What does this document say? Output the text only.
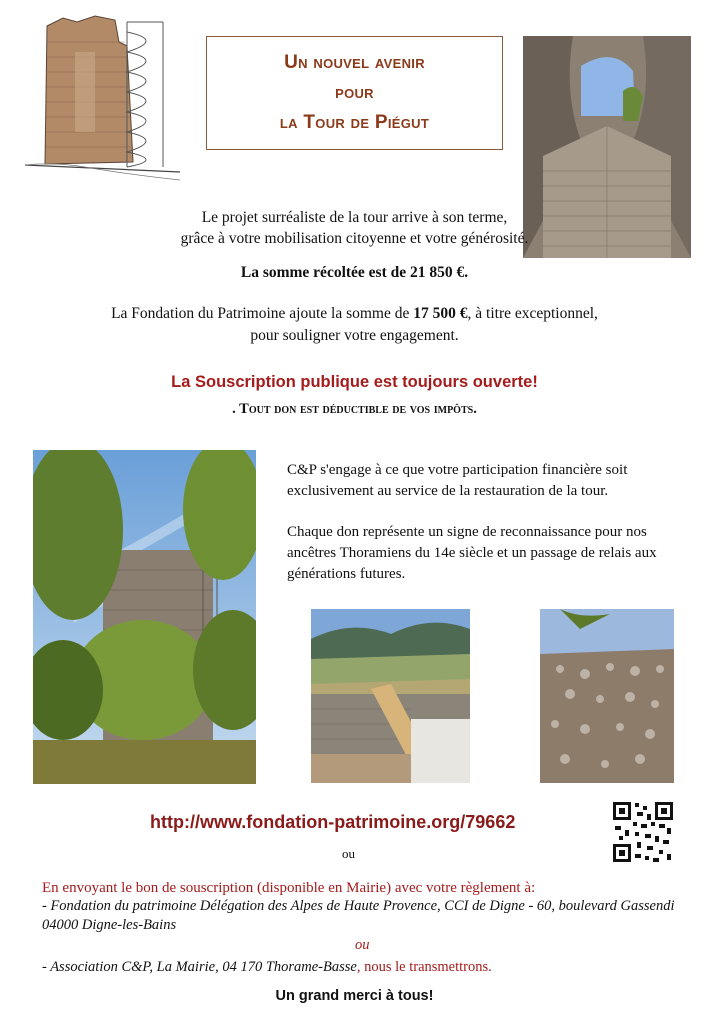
Un nouvel avenir
pour
la Tour de Piégut
Le projet surréaliste de la tour arrive à son terme,
grâce à votre mobilisation citoyenne et votre générosité.
La somme récoltée est de 21 850 €.
La Fondation du Patrimoine ajoute la somme de 17 500 €, à titre exceptionnel,
pour souligner votre engagement.
La Souscription publique est toujours ouverte!
. Tout don est déductible de vos impôts.

C&P s'engage à ce que votre participation financière soit exclusivement au service de la restauration de la tour.

Chaque don représente un signe de reconnaissance pour nos ancêtres Thoramiens du 14e siècle et un passage de relais aux générations futures.

http://www.fondation-patrimoine.org/79662
ou
En envoyant le bon de souscription (disponible en Mairie) avec votre règlement à:
- Fondation du patrimoine Délégation des Alpes de Haute Provence, CCI de Digne - 60, boulevard Gassendi 04000 Digne-les-Bains
ou
- Association C&P, La Mairie, 04 170 Thorame-Basse, nous le transmettrons.
Un grand merci à tous!
